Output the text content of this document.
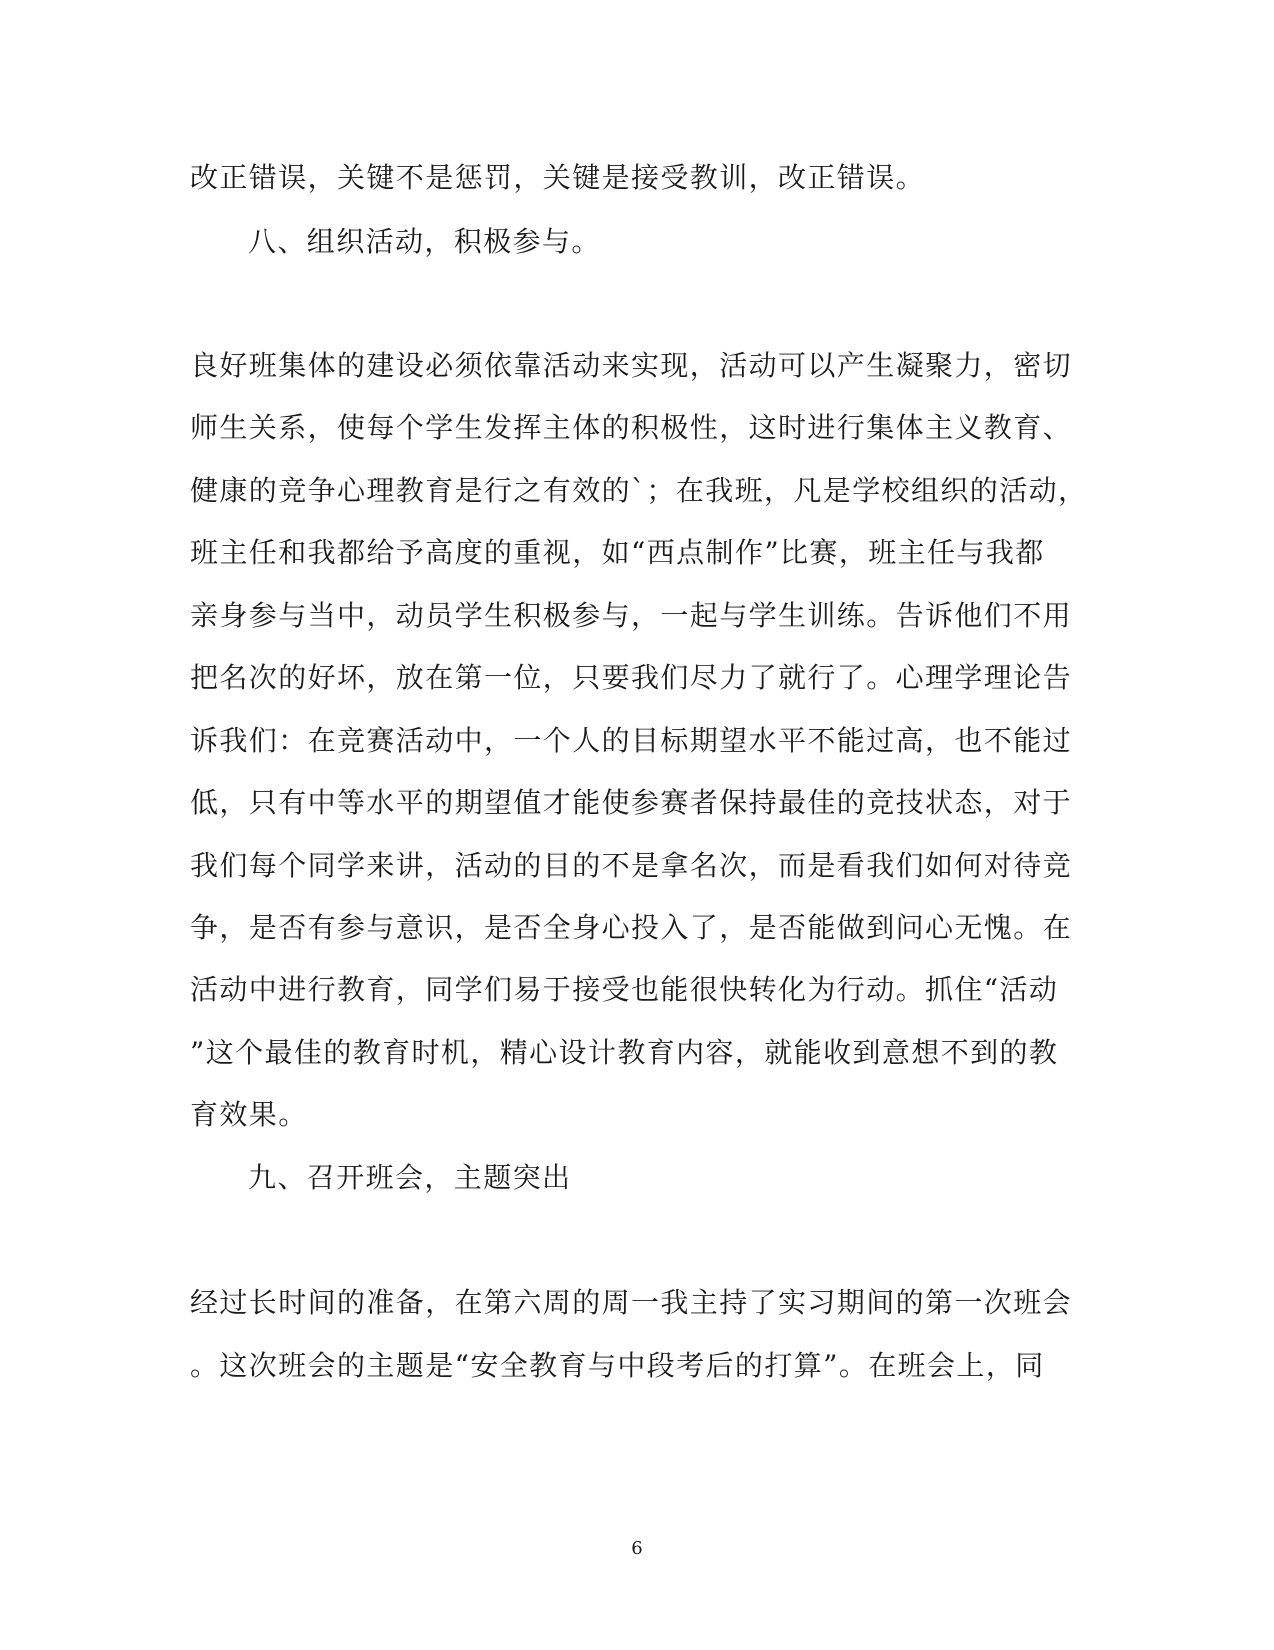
改正错误，关键不是惩罚，关键是接受教训，改正错误。
八、组织活动，积极参与。
良好班集体的建设必须依靠活动来实现，活动可以产生凝聚力，密切
师生关系，使每个学生发挥主体的积极性，这时进行集体主义教育、
健康的竞争心理教育是行之有效的`；在我班，凡是学校组织的活动，
班主任和我都给予高度的重视，如“西点制作”比赛，班主任与我都
亲身参与当中，动员学生积极参与，一起与学生训练。告诉他们不用
把名次的好坏，放在第一位，只要我们尽力了就行了。心理学理论告
诉我们：在竞赛活动中，一个人的目标期望水平不能过高，也不能过
低，只有中等水平的期望值才能使参赛者保持最佳的竞技状态，对于
我们每个同学来讲，活动的目的不是拿名次，而是看我们如何对待竞
争，是否有参与意识，是否全身心投入了，是否能做到问心无愧。在
活动中进行教育，同学们易于接受也能很快转化为行动。抓住“活动
”这个最佳的教育时机，精心设计教育内容，就能收到意想不到的教
育效果。
九、召开班会，主题突出
经过长时间的准备，在第六周的周一我主持了实习期间的第一次班会
。这次班会的主题是“安全教育与中段考后的打算”。在班会上，同
6
